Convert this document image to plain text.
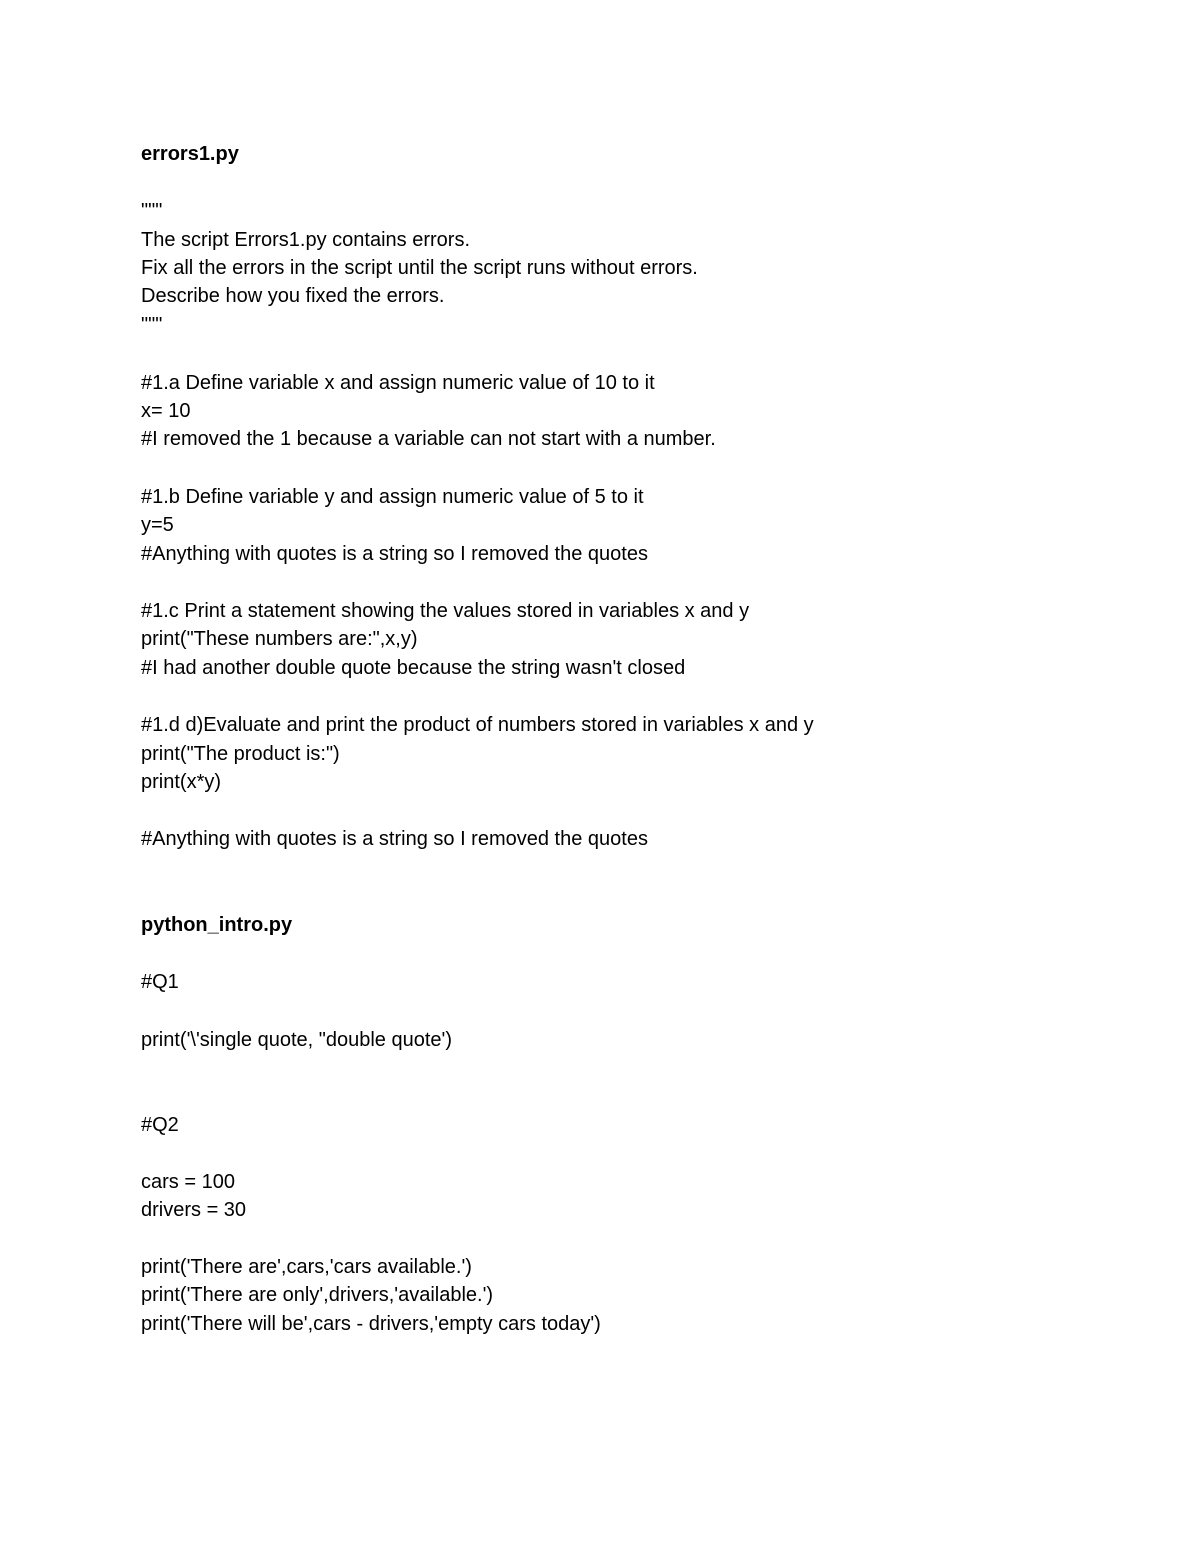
errors1.py
"""
The script Errors1.py contains errors.
Fix all the errors in the script until the script runs without errors.
Describe how you fixed the errors.
"""
#1.a Define variable x and assign numeric value of 10 to it
x= 10
#I removed the 1 because a variable can not start with a number.
#1.b Define variable y and assign numeric value of 5 to it
y=5
#Anything with quotes is a string so I removed the quotes
#1.c Print a statement showing the values stored in variables x and y
print("These numbers are:",x,y)
#I had another double quote because the string wasn't closed
#1.d d)Evaluate and print the product of numbers stored in variables x and y
print("The product is:")
print(x*y)
#Anything with quotes is a string so I removed the quotes
python_intro.py
#Q1
print('\'single quote, "double quote')
#Q2
cars = 100
drivers = 30
print('There are',cars,'cars available.')
print('There are only',drivers,'available.')
print('There will be',cars - drivers,'empty cars today')
